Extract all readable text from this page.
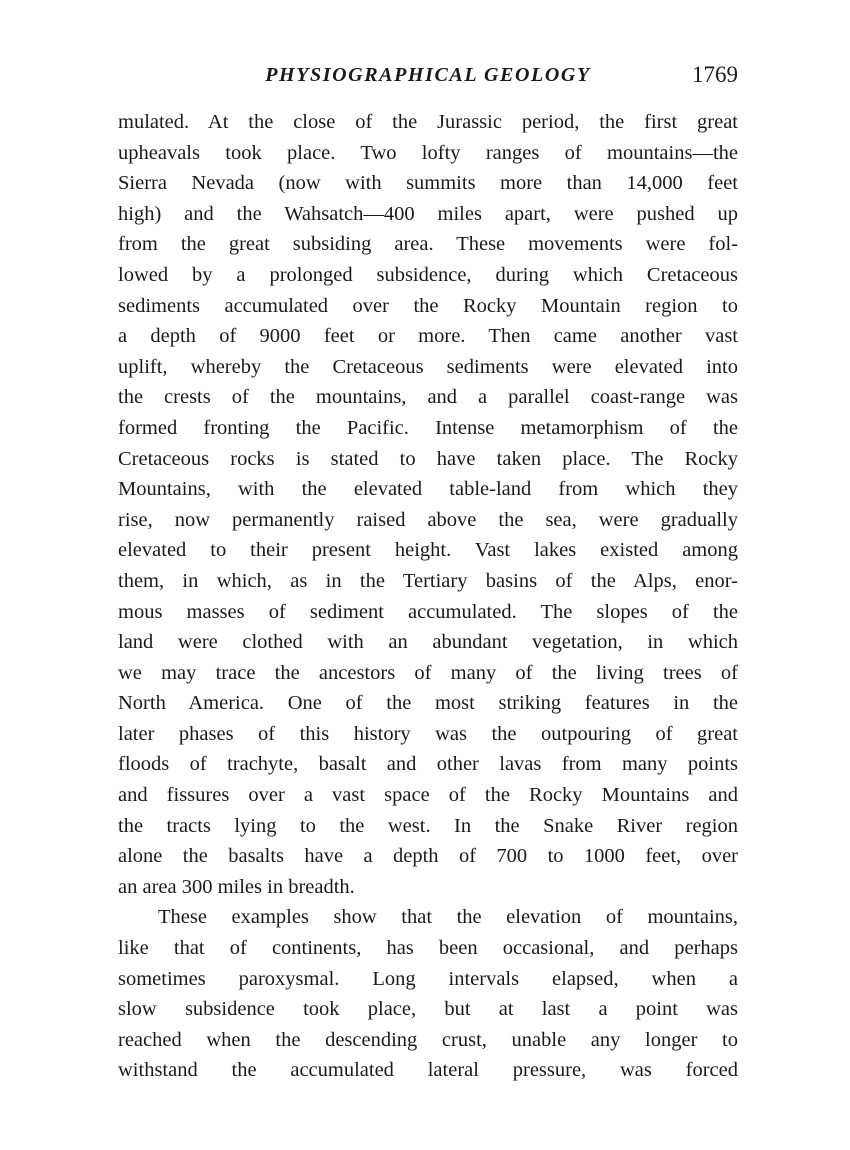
PHYSIOGRAPHICAL GEOLOGY	1769
mulated. At the close of the Jurassic period, the first great
upheavals took place. Two lofty ranges of mountains—the
Sierra Nevada (now with summits more than 14,000 feet
high) and the Wahsatch—400 miles apart, were pushed up
from the great subsiding area. These movements were fol-
lowed by a prolonged subsidence, during which Cretaceous
sediments accumulated over the Rocky Mountain region to
a depth of 9000 feet or more. Then came another vast
uplift, whereby the Cretaceous sediments were elevated into
the crests of the mountains, and a parallel coast-range was
formed fronting the Pacific. Intense metamorphism of the
Cretaceous rocks is stated to have taken place. The Rocky
Mountains, with the elevated table-land from which they
rise, now permanently raised above the sea, were gradually
elevated to their present height. Vast lakes existed among
them, in which, as in the Tertiary basins of the Alps, enor-
mous masses of sediment accumulated. The slopes of the
land were clothed with an abundant vegetation, in which
we may trace the ancestors of many of the living trees of
North America. One of the most striking features in the
later phases of this history was the outpouring of great
floods of trachyte, basalt and other lavas from many points
and fissures over a vast space of the Rocky Mountains and
the tracts lying to the west. In the Snake River region
alone the basalts have a depth of 700 to 1000 feet, over
an area 300 miles in breadth.
These examples show that the elevation of mountains,
like that of continents, has been occasional, and perhaps
sometimes paroxysmal. Long intervals elapsed, when a
slow subsidence took place, but at last a point was
reached when the descending crust, unable any longer to
withstand the accumulated lateral pressure, was forced
